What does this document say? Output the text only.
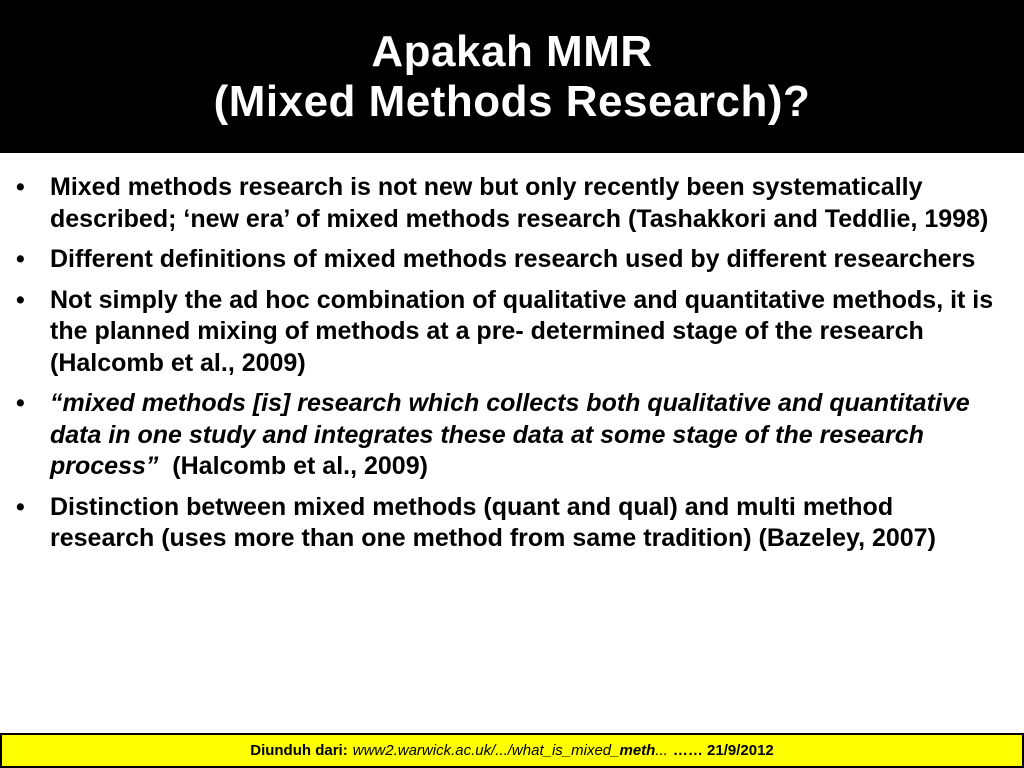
Apakah MMR
(Mixed Methods Research)?
•	Mixed methods research is not new but only recently been systematically described; ‘new era’ of mixed methods research (Tashakkori and Teddlie, 1998)
•	Different definitions of mixed methods research used by different researchers
•	Not simply the ad hoc combination of qualitative and quantitative methods, it is the planned mixing of methods at a pre- determined stage of the research (Halcomb et al., 2009)
•	“mixed methods [is] research which collects both qualitative and quantitative data in one study and integrates these data at some stage of the research process”  (Halcomb et al., 2009)
•	Distinction between mixed methods (quant and qual) and multi method research (uses more than one method from same tradition) (Bazeley, 2007)
Diunduh dari: www2.warwick.ac.uk/.../what_is_mixed_meth... …… 21/9/2012
